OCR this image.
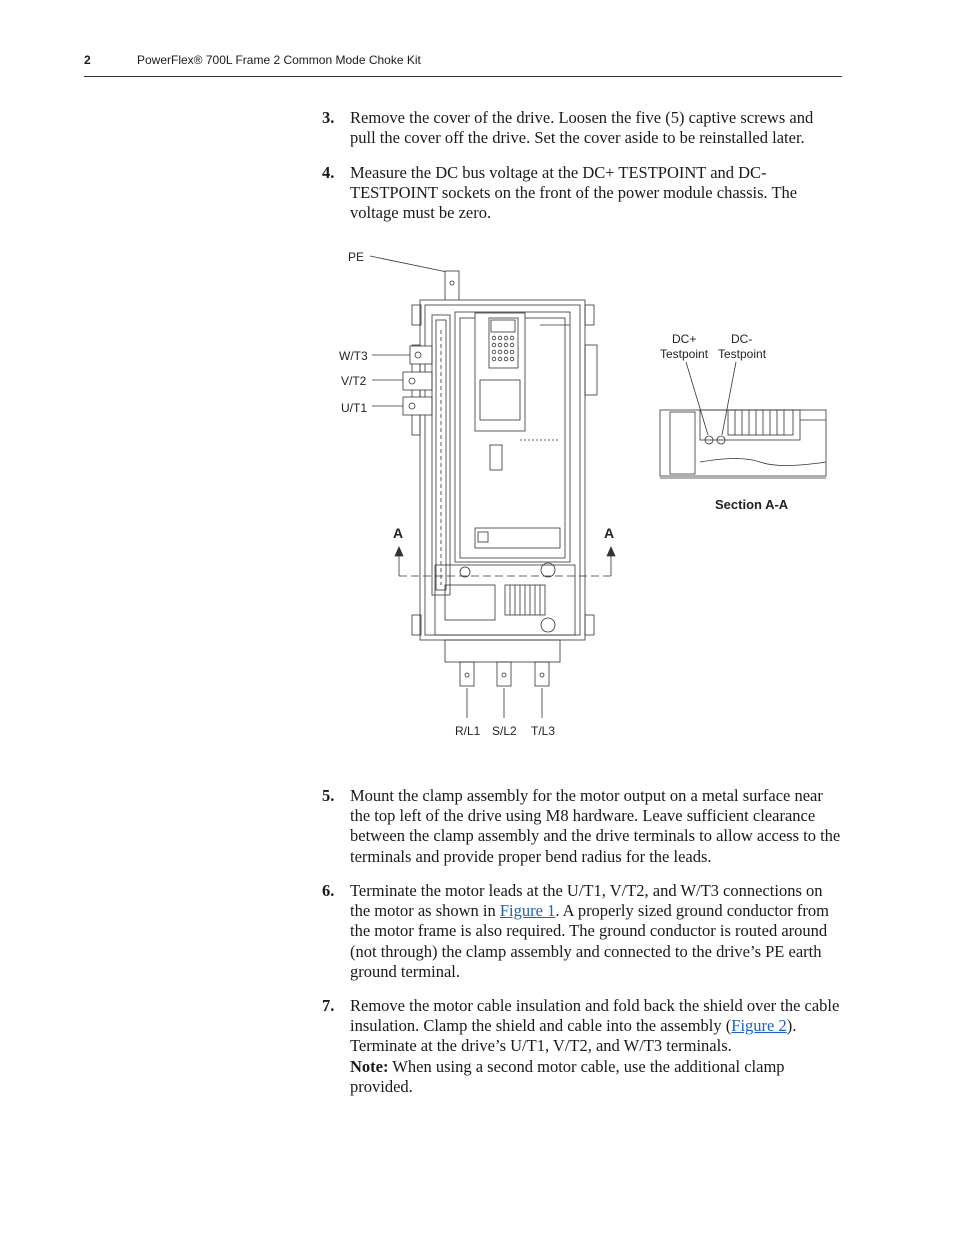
2	PowerFlex® 700L Frame 2 Common Mode Choke Kit
3. Remove the cover of the drive. Loosen the five (5) captive screws and pull the cover off the drive. Set the cover aside to be reinstalled later.
4. Measure the DC bus voltage at the DC+ TESTPOINT and DC- TESTPOINT sockets on the front of the power module chassis. The voltage must be zero.
PE
W/T3
V/T2
U/T1
A	A
R/L1 S/L2 T/L3
DC+	DC-
Testpoint Testpoint
Section A-A
5. Mount the clamp assembly for the motor output on a metal surface near the top left of the drive using M8 hardware. Leave sufficient clearance between the clamp assembly and the drive terminals to allow access to the terminals and provide proper bend radius for the leads.
6. Terminate the motor leads at the U/T1, V/T2, and W/T3 connections on the motor as shown in Figure 1. A properly sized ground conductor from the motor frame is also required. The ground conductor is routed around (not through) the clamp assembly and connected to the drive’s PE earth ground terminal.
7. Remove the motor cable insulation and fold back the shield over the cable insulation. Clamp the shield and cable into the assembly (Figure 2). Terminate at the drive’s U/T1, V/T2, and W/T3 terminals.
Note: When using a second motor cable, use the additional clamp provided.
